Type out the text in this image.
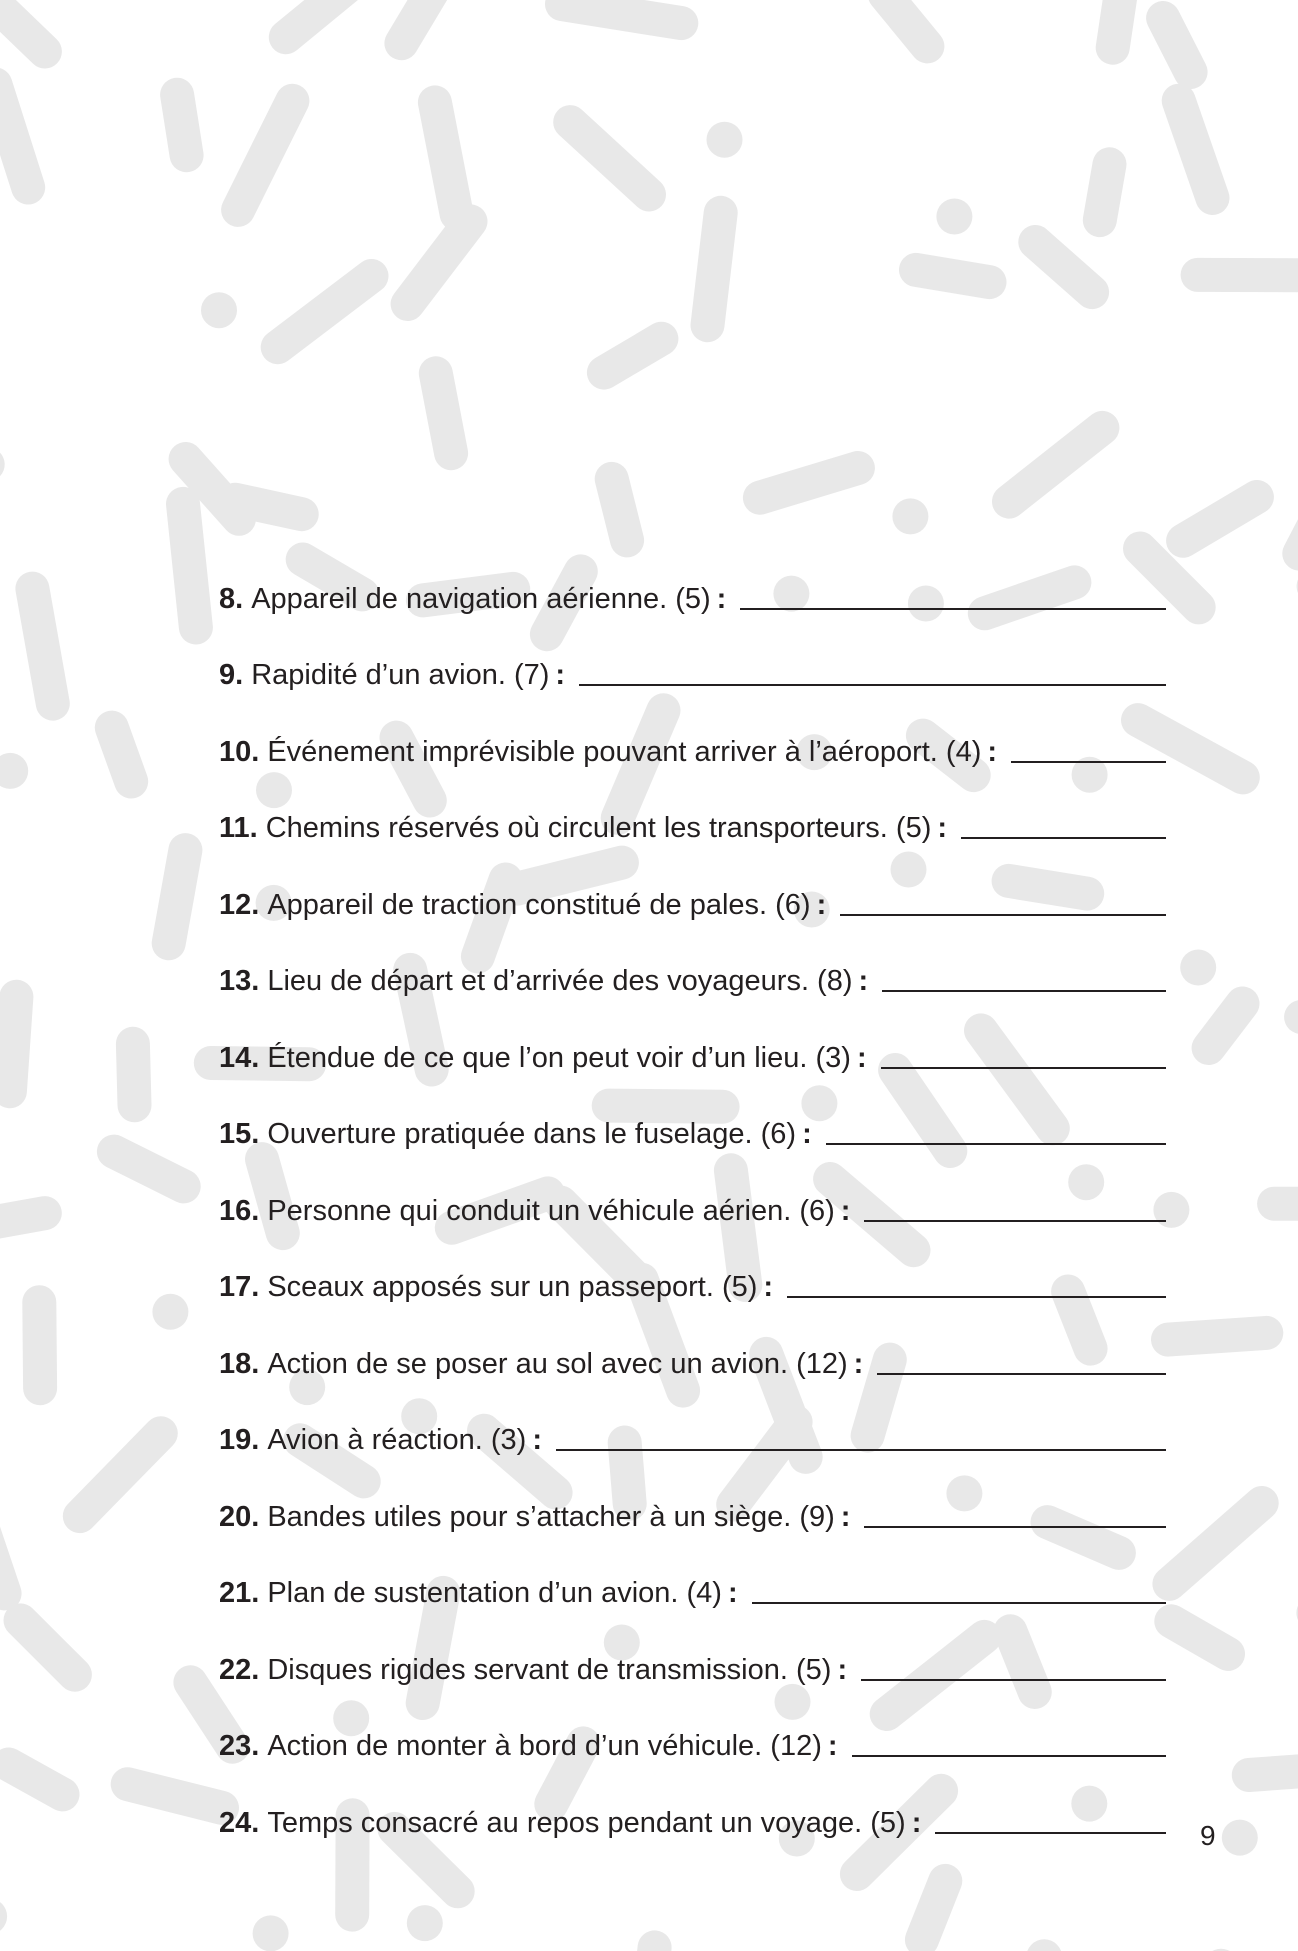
8. Appareil de navigation aérienne. (5) :
9. Rapidité d’un avion. (7) :
10. Événement imprévisible pouvant arriver à l’aéroport. (4) :
11. Chemins réservés où circulent les transporteurs. (5) :
12. Appareil de traction constitué de pales. (6) :
13. Lieu de départ et d’arrivée des voyageurs. (8) :
14. Étendue de ce que l’on peut voir d’un lieu. (3) :
15. Ouverture pratiquée dans le fuselage. (6) :
16. Personne qui conduit un véhicule aérien. (6) :
17. Sceaux apposés sur un passeport. (5) :
18. Action de se poser au sol avec un avion. (12) :
19. Avion à réaction. (3) :
20. Bandes utiles pour s’attacher à un siège. (9) :
21. Plan de sustentation d’un avion. (4) :
22. Disques rigides servant de transmission. (5) :
23. Action de monter à bord d’un véhicule. (12) :
24. Temps consacré au repos pendant un voyage. (5) :	9
